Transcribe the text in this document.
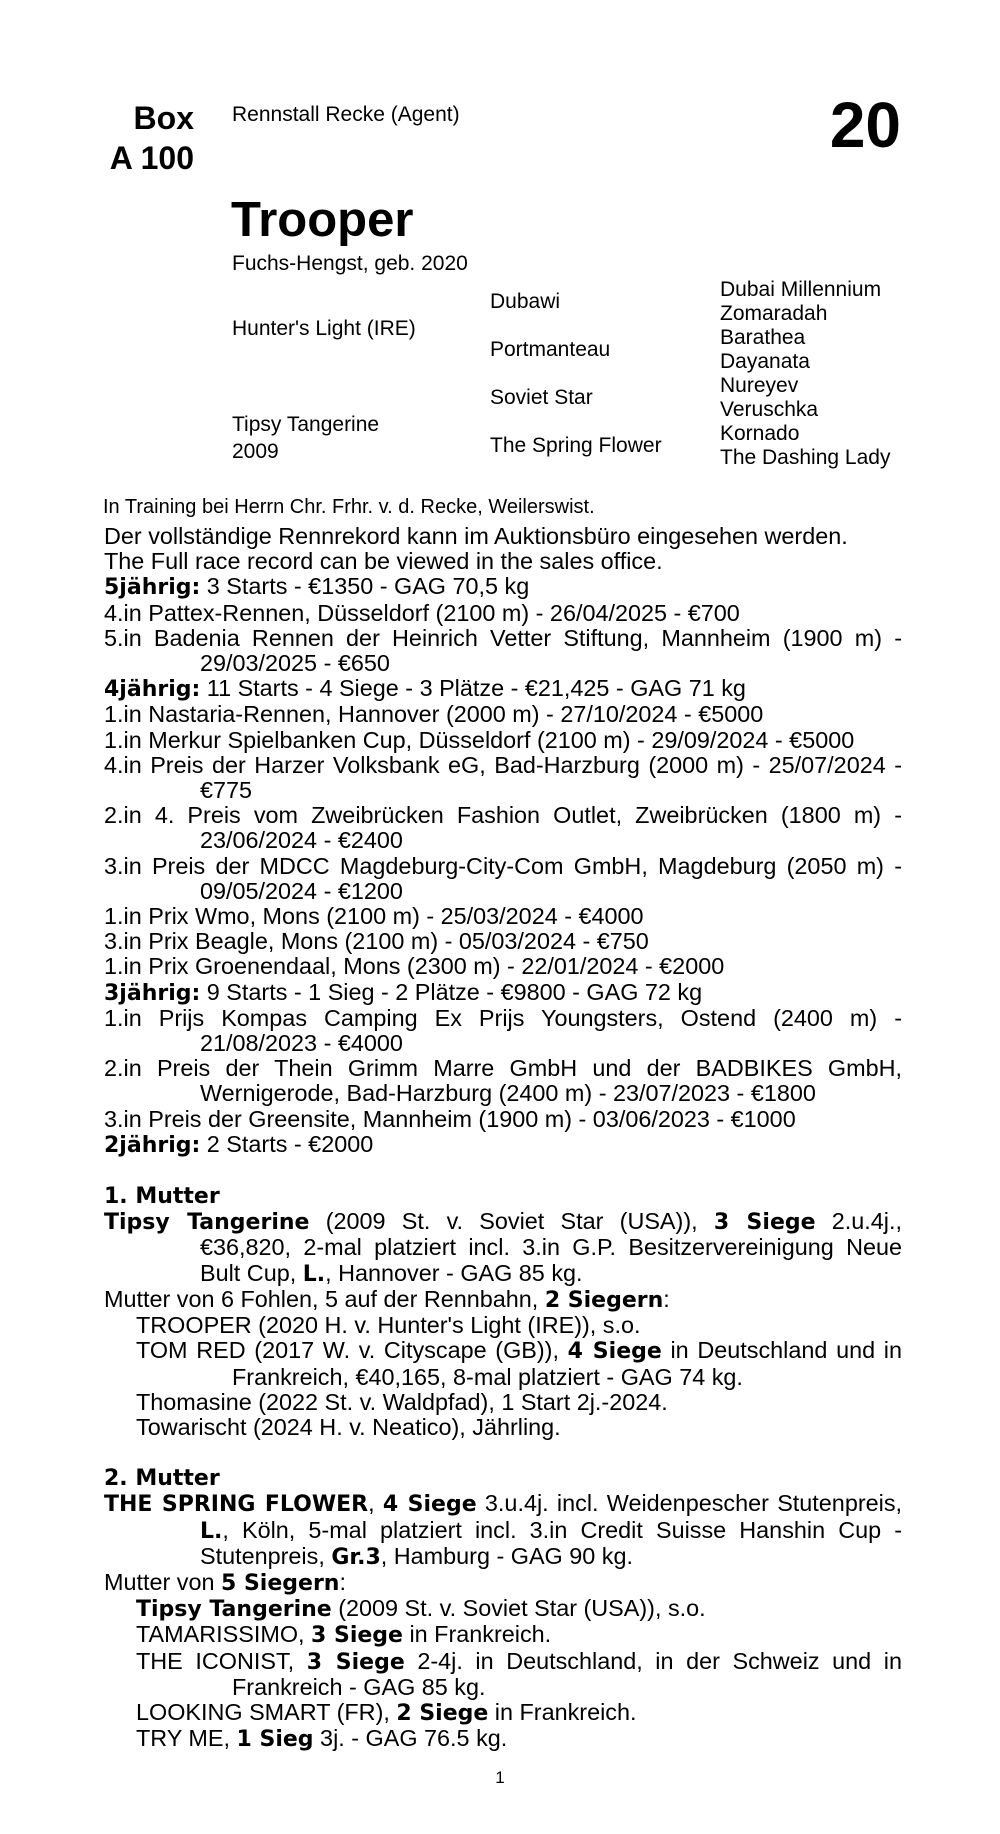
Box
A 100
Rennstall Recke (Agent)	20
Trooper
Fuchs-Hengst, geb. 2020
Hunter's Light (IRE)
Tipsy Tangerine
2009
Dubawi
Portmanteau
Soviet Star
The Spring Flower
Dubai Millennium
Zomaradah
Barathea
Dayanata
Nureyev
Veruschka
Kornado
The Dashing Lady
In Training bei Herrn Chr. Frhr. v. d. Recke, Weilerswist.

Der vollständige Rennrekord kann im Auktionsbüro eingesehen werden.

The Full race record can be viewed in the sales office.

5jährig: 3 Starts - €1350 - GAG 70,5 kg

4.in Pattex-Rennen, Düsseldorf (2100 m) - 26/04/2025 - €700

5.in Badenia Rennen der Heinrich Vetter Stiftung, Mannheim (1900 m) - 29/03/2025 - €650

4jährig: 11 Starts - 4 Siege - 3 Plätze - €21,425 - GAG 71 kg

1.in Nastaria-Rennen, Hannover (2000 m) - 27/10/2024 - €5000

1.in Merkur Spielbanken Cup, Düsseldorf (2100 m) - 29/09/2024 - €5000

4.in Preis der Harzer Volksbank eG, Bad-Harzburg (2000 m) - 25/07/2024 - €775

2.in 4. Preis vom Zweibrücken Fashion Outlet, Zweibrücken (1800 m) - 23/06/2024 - €2400

3.in Preis der MDCC Magdeburg-City-Com GmbH, Magdeburg (2050 m) - 09/05/2024 - €1200

1.in Prix Wmo, Mons (2100 m) - 25/03/2024 - €4000

3.in Prix Beagle, Mons (2100 m) - 05/03/2024 - €750

1.in Prix Groenendaal, Mons (2300 m) - 22/01/2024 - €2000

3jährig: 9 Starts - 1 Sieg - 2 Plätze - €9800 - GAG 72 kg

1.in Prijs Kompas Camping Ex Prijs Youngsters, Ostend (2400 m) - 21/08/2023 - €4000

2.in Preis der Thein Grimm Marre GmbH und der BADBIKES GmbH, Wernigerode, Bad-Harzburg (2400 m) - 23/07/2023 - €1800

3.in Preis der Greensite, Mannheim (1900 m) - 03/06/2023 - €1000

2jährig: 2 Starts - €2000

1. Mutter

Tipsy Tangerine (2009 St. v. Soviet Star (USA)), 3 Siege 2.u.4j., €36,820, 2-mal platziert incl. 3.in G.P. Besitzervereinigung Neue Bult Cup, L., Hannover - GAG 85 kg.

Mutter von 6 Fohlen, 5 auf der Rennbahn, 2 Siegern:

TROOPER (2020 H. v. Hunter's Light (IRE)), s.o.

TOM RED (2017 W. v. Cityscape (GB)), 4 Siege in Deutschland und in Frankreich, €40,165, 8-mal platziert - GAG 74 kg.

Thomasine (2022 St. v. Waldpfad), 1 Start 2j.-2024.

Towarischt (2024 H. v. Neatico), Jährling.

2. Mutter

THE SPRING FLOWER, 4 Siege 3.u.4j. incl. Weidenpescher Stutenpreis, L., Köln, 5-mal platziert incl. 3.in Credit Suisse Hanshin Cup - Stutenpreis, Gr.3, Hamburg - GAG 90 kg.

Mutter von 5 Siegern:

Tipsy Tangerine (2009 St. v. Soviet Star (USA)), s.o.

TAMARISSIMO, 3 Siege in Frankreich.

THE ICONIST, 3 Siege 2-4j. in Deutschland, in der Schweiz und in Frankreich - GAG 85 kg.

LOOKING SMART (FR), 2 Siege in Frankreich.

TRY ME, 1 Sieg 3j. - GAG 76.5 kg.

1
